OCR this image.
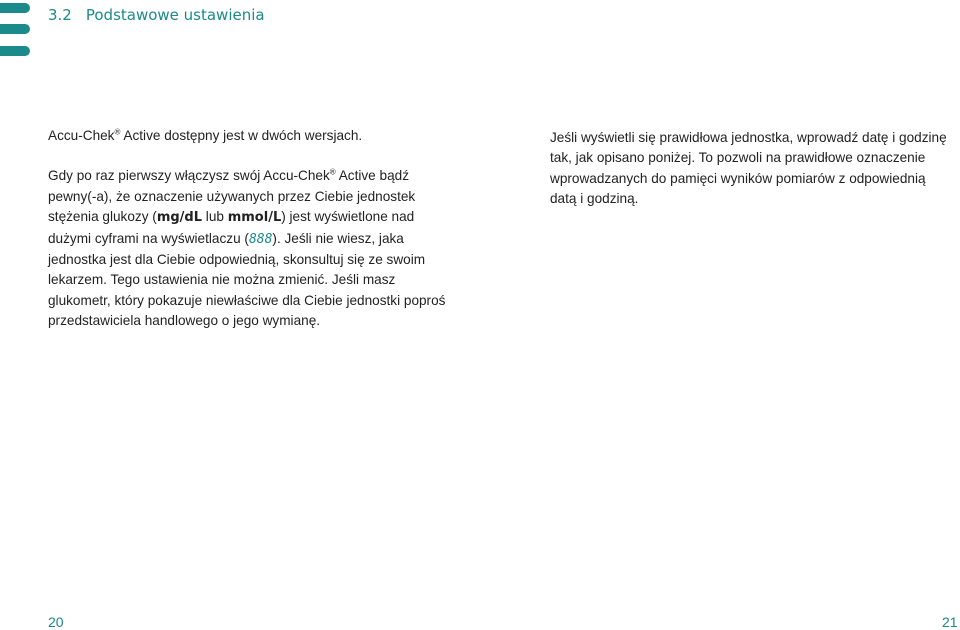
3.2 Podstawowe ustawienia

Accu-Chek® Active dostępny jest w dwóch wersjach.

Gdy po raz pierwszy włączysz swój Accu-Chek® Active bądź pewny(-a), że oznaczenie używanych przez Ciebie jednostek stężenia glukozy (mg/dL lub mmol/L) jest wyświetlone nad dużymi cyframi na wyświetlaczu (888). Jeśli nie wiesz, jaka jednostka jest dla Ciebie odpowiednią, skonsultuj się ze swoim lekarzem. Tego ustawienia nie można zmienić. Jeśli masz glukometr, który pokazuje niewłaściwe dla Ciebie jednostki poproś przedstawiciela handlowego o jego wymianę.

Jeśli wyświetli się prawidłowa jednostka, wprowadź datę i godzinę tak, jak opisano poniżej. To pozwoli na prawidłowe oznaczenie wprowadzanych do pamięci wyników pomiarów z odpowiednią datą i godziną.

20	21
